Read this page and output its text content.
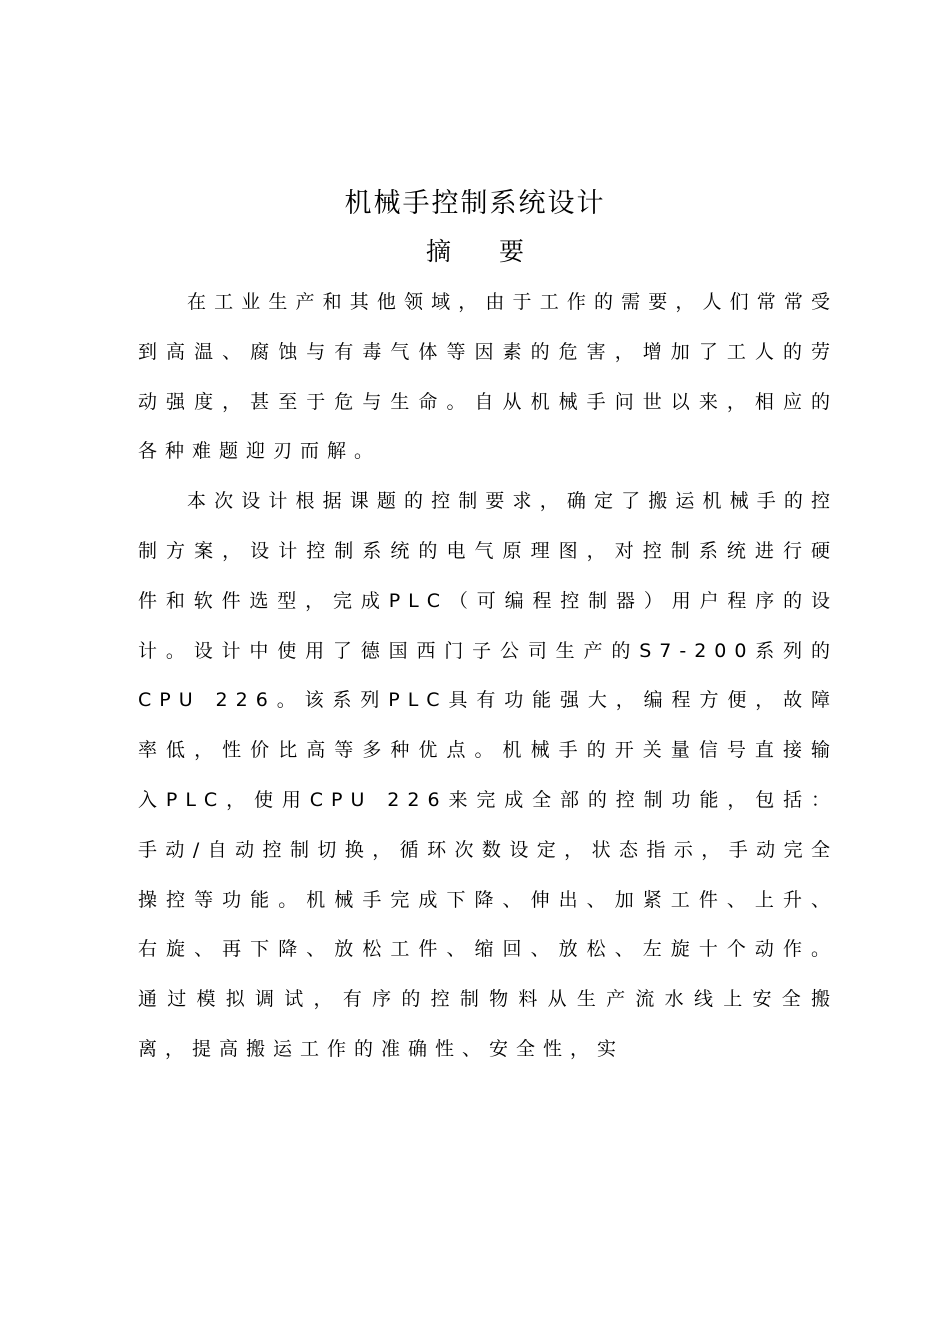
机械手控制系统设计
摘 要

在工业生产和其他领域，由于工作的需要，人们常常受到高温、腐蚀与有毒气体等因素的危害，增加了工人的劳动强度，甚至于危与生命。自从机械手问世以来，相应的各种难题迎刃而解。

本次设计根据课题的控制要求，确定了搬运机械手的控制方案，设计控制系统的电气原理图，对控制系统进行硬件和软件选型，完成PLC（可编程控制器）用户程序的设计。设计中使用了德国西门子公司生产的S7-200系列的CPU 226。该系列PLC具有功能强大，编程方便，故障率低，性价比高等多种优点。机械手的开关量信号直接输入PLC，使用CPU 226来完成全部的控制功能，包括：手动/自动控制切换，循环次数设定，状态指示，手动完全操控等功能。机械手完成下降、伸出、加紧工件、上升、右旋、再下降、放松工件、缩回、放松、左旋十个动作。通过模拟调试，有序的控制物料从生产流水线上安全搬离，提高搬运工作的准确性、安全性，实
